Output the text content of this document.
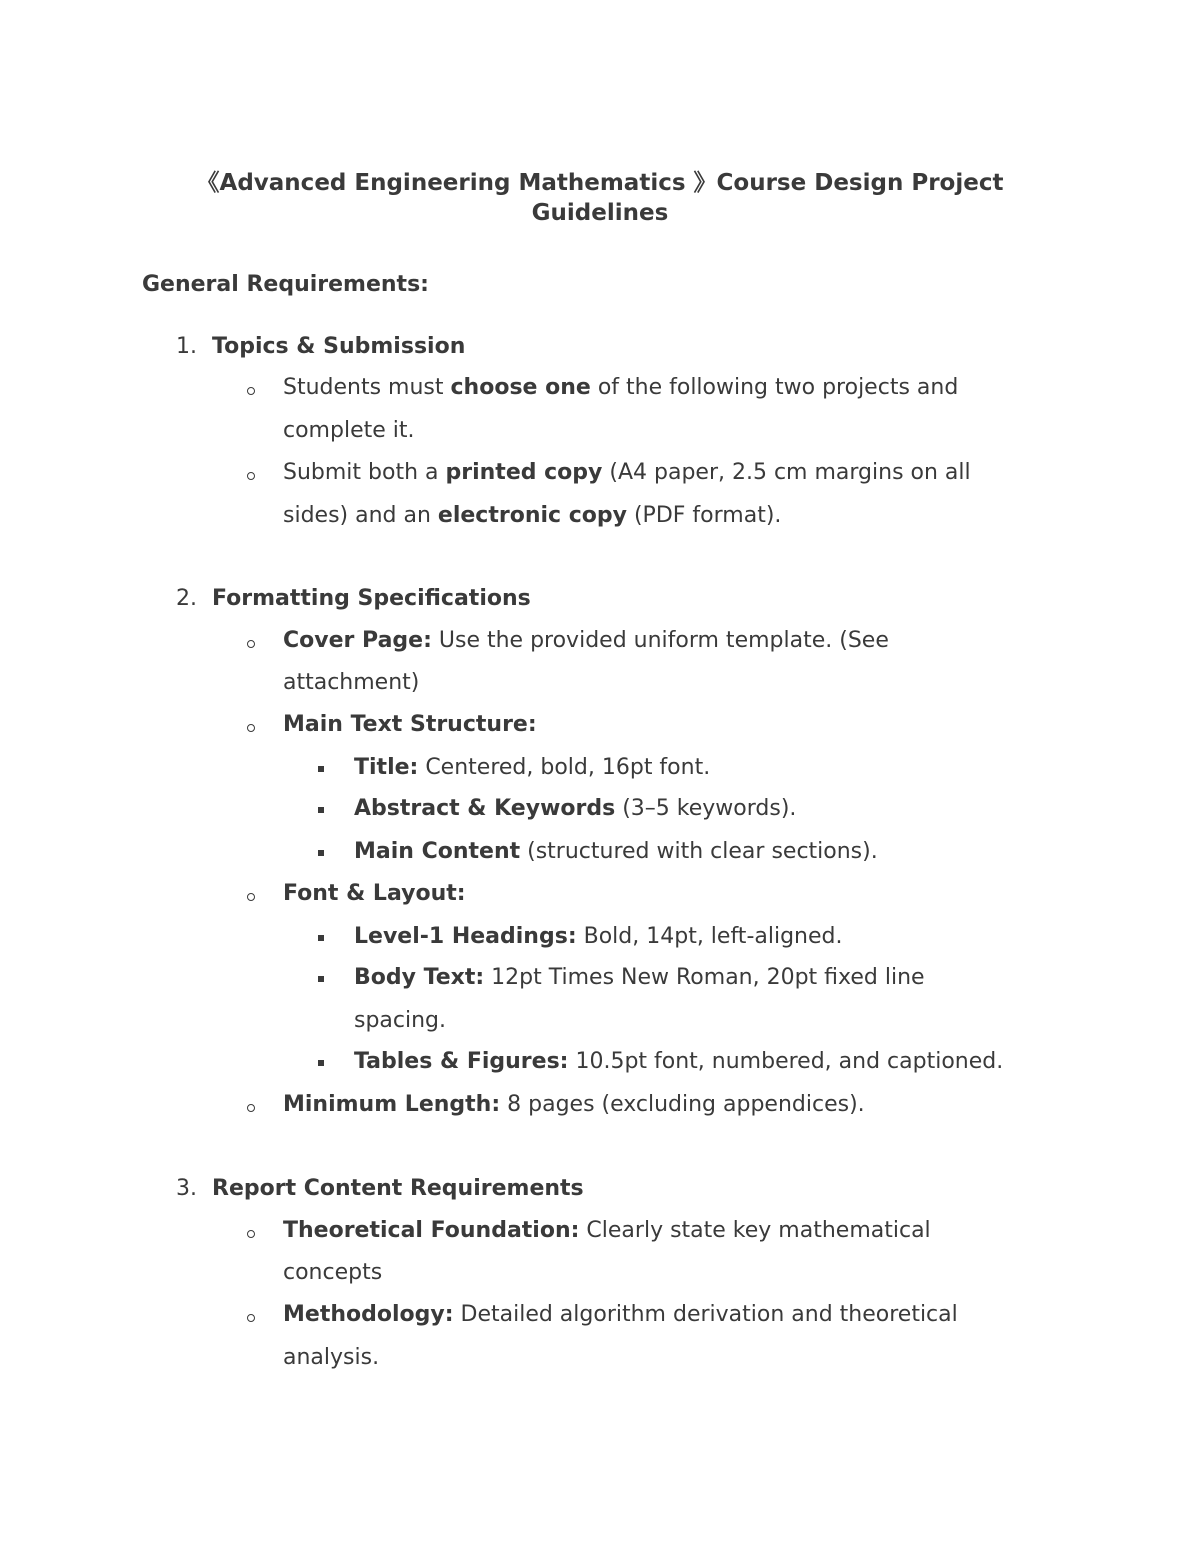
《Advanced Engineering Mathematics 》Course Design Project
Guidelines
General Requirements:
1. Topics & Submission
Students must choose one of the following two projects and
complete it.
Submit both a printed copy (A4 paper, 2.5 cm margins on all
sides) and an electronic copy (PDF format).
2. Formatting Specifications
Cover Page: Use the provided uniform template. (See
attachment)
Main Text Structure:
Title: Centered, bold, 16pt font.
Abstract & Keywords (3–5 keywords).
Main Content (structured with clear sections).
Font & Layout:
Level-1 Headings: Bold, 14pt, left-aligned.
Body Text: 12pt Times New Roman, 20pt fixed line
spacing.
Tables & Figures: 10.5pt font, numbered, and captioned.
Minimum Length: 8 pages (excluding appendices).
3. Report Content Requirements
Theoretical Foundation: Clearly state key mathematical
concepts
Methodology: Detailed algorithm derivation and theoretical
analysis.
